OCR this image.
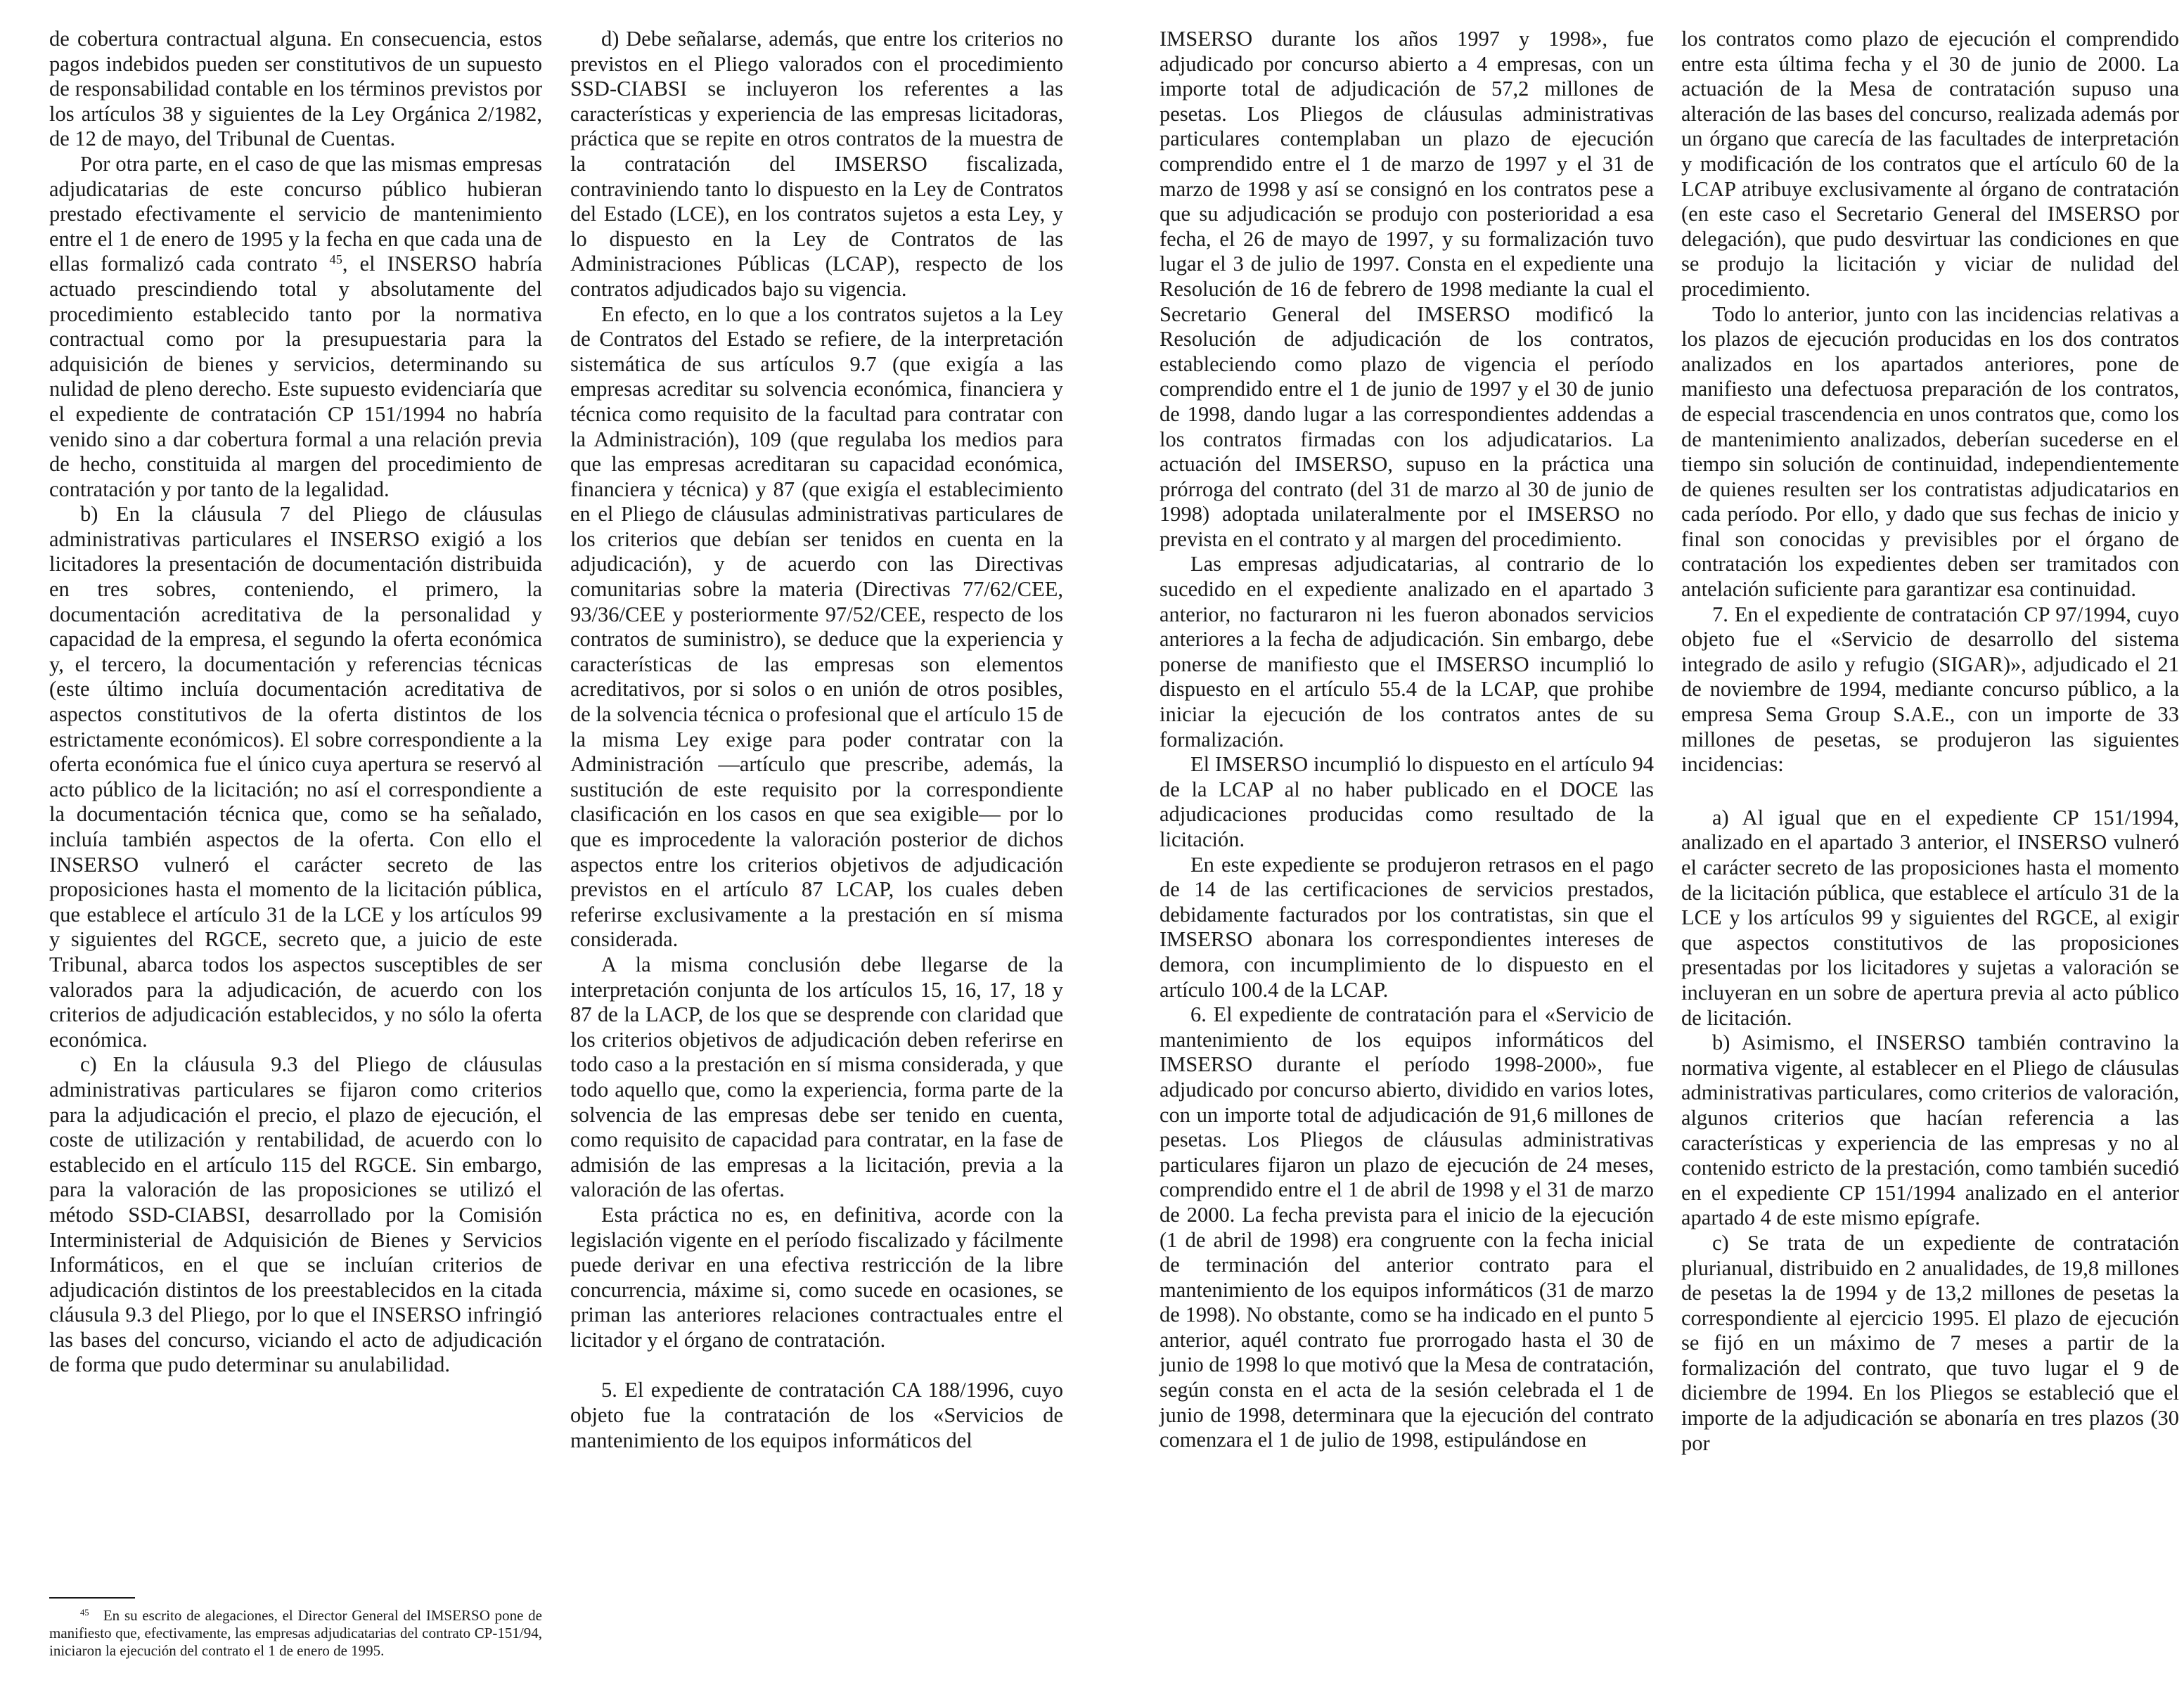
de cobertura contractual alguna. En consecuencia, estos pagos indebidos pueden ser constitutivos de un supuesto de responsabilidad contable en los términos previstos por los artículos 38 y siguientes de la Ley Orgánica 2/1982, de 12 de mayo, del Tribunal de Cuentas.

Por otra parte, en el caso de que las mismas empresas adjudicatarias de este concurso público hubieran prestado efectivamente el servicio de mantenimiento entre el 1 de enero de 1995 y la fecha en que cada una de ellas formalizó cada contrato $^{45}$, el INSERSO habría actuado prescindiendo total y absolutamente del procedimiento establecido tanto por la normativa contractual como por la presupuestaria para la adquisición de bienes y servicios, determinando su nulidad de pleno derecho. Este supuesto evidenciaría que el expediente de contratación CP 151/1994 no habría venido sino a dar cobertura formal a una relación previa de hecho, constituida al margen del procedimiento de contratación y por tanto de la legalidad.

b) En la cláusula 7 del Pliego de cláusulas administrativas particulares el INSERSO exigió a los licitadores la presentación de documentación distribuida en tres sobres, conteniendo, el primero, la documentación acreditativa de la personalidad y capacidad de la empresa, el segundo la oferta económica y, el tercero, la documentación y referencias técnicas (este último incluía documentación acreditativa de aspectos constitutivos de la oferta distintos de los estrictamente económicos). El sobre correspondiente a la oferta económica fue el único cuya apertura se reservó al acto público de la licitación; no así el correspondiente a la documentación técnica que, como se ha señalado, incluía también aspectos de la oferta. Con ello el INSERSO vulneró el carácter secreto de las proposiciones hasta el momento de la licitación pública, que establece el artículo 31 de la LCE y los artículos 99 y siguientes del RGCE, secreto que, a juicio de este Tribunal, abarca todos los aspectos susceptibles de ser valorados para la adjudicación, de acuerdo con los criterios de adjudicación establecidos, y no sólo la oferta económica.

c) En la cláusula 9.3 del Pliego de cláusulas administrativas particulares se fijaron como criterios para la adjudicación el precio, el plazo de ejecución, el coste de utilización y rentabilidad, de acuerdo con lo establecido en el artículo 115 del RGCE. Sin embargo, para la valoración de las proposiciones se utilizó el método SSD-CIABSI, desarrollado por la Comisión Interministerial de Adquisición de Bienes y Servicios Informáticos, en el que se incluían criterios de adjudicación distintos de los preestablecidos en la citada cláusula 9.3 del Pliego, por lo que el INSERSO infringió las bases del concurso, viciando el acto de adjudicación de forma que pudo determinar su anulabilidad.

$^{45}$ En su escrito de alegaciones, el Director General del IMSERSO pone de manifiesto que, efectivamente, las empresas adjudicatarias del contrato CP-151/94, iniciaron la ejecución del contrato el 1 de enero de 1995.

d) Debe señalarse, además, que entre los criterios no previstos en el Pliego valorados con el procedimiento SSD-CIABSI se incluyeron los referentes a las características y experiencia de las empresas licitadoras, práctica que se repite en otros contratos de la muestra de la contratación del IMSERSO fiscalizada, contraviniendo tanto lo dispuesto en la Ley de Contratos del Estado (LCE), en los contratos sujetos a esta Ley, y lo dispuesto en la Ley de Contratos de las Administraciones Públicas (LCAP), respecto de los contratos adjudicados bajo su vigencia.

En efecto, en lo que a los contratos sujetos a la Ley de Contratos del Estado se refiere, de la interpretación sistemática de sus artículos 9.7 (que exigía a las empresas acreditar su solvencia económica, financiera y técnica como requisito de la facultad para contratar con la Administración), 109 (que regulaba los medios para que las empresas acreditaran su capacidad económica, financiera y técnica) y 87 (que exigía el establecimiento en el Pliego de cláusulas administrativas particulares de los criterios que debían ser tenidos en cuenta en la adjudicación), y de acuerdo con las Directivas comunitarias sobre la materia (Directivas 77/62/CEE, 93/36/CEE y posteriormente 97/52/CEE, respecto de los contratos de suministro), se deduce que la experiencia y características de las empresas son elementos acreditativos, por si solos o en unión de otros posibles, de la solvencia técnica o profesional que el artículo 15 de la misma Ley exige para poder contratar con la Administración —artículo que prescribe, además, la sustitución de este requisito por la correspondiente clasificación en los casos en que sea exigible— por lo que es improcedente la valoración posterior de dichos aspectos entre los criterios objetivos de adjudicación previstos en el artículo 87 LCAP, los cuales deben referirse exclusivamente a la prestación en sí misma considerada.

A la misma conclusión debe llegarse de la interpretación conjunta de los artículos 15, 16, 17, 18 y 87 de la LACP, de los que se desprende con claridad que los criterios objetivos de adjudicación deben referirse en todo caso a la prestación en sí misma considerada, y que todo aquello que, como la experiencia, forma parte de la solvencia de las empresas debe ser tenido en cuenta, como requisito de capacidad para contratar, en la fase de admisión de las empresas a la licitación, previa a la valoración de las ofertas.

Esta práctica no es, en definitiva, acorde con la legislación vigente en el período fiscalizado y fácilmente puede derivar en una efectiva restricción de la libre concurrencia, máxime si, como sucede en ocasiones, se priman las anteriores relaciones contractuales entre el licitador y el órgano de contratación.

5. El expediente de contratación CA 188/1996, cuyo objeto fue la contratación de los «Servicios de mantenimiento de los equipos informáticos del

IMSERSO durante los años 1997 y 1998», fue adjudicado por concurso abierto a 4 empresas, con un importe total de adjudicación de 57,2 millones de pesetas. Los Pliegos de cláusulas administrativas particulares contemplaban un plazo de ejecución comprendido entre el 1 de marzo de 1997 y el 31 de marzo de 1998 y así se consignó en los contratos pese a que su adjudicación se produjo con posterioridad a esa fecha, el 26 de mayo de 1997, y su formalización tuvo lugar el 3 de julio de 1997. Consta en el expediente una Resolución de 16 de febrero de 1998 mediante la cual el Secretario General del IMSERSO modificó la Resolución de adjudicación de los contratos, estableciendo como plazo de vigencia el período comprendido entre el 1 de junio de 1997 y el 30 de junio de 1998, dando lugar a las correspondientes addendas a los contratos firmadas con los adjudicatarios. La actuación del IMSERSO, supuso en la práctica una prórroga del contrato (del 31 de marzo al 30 de junio de 1998) adoptada unilateralmente por el IMSERSO no prevista en el contrato y al margen del procedimiento.

Las empresas adjudicatarias, al contrario de lo sucedido en el expediente analizado en el apartado 3 anterior, no facturaron ni les fueron abonados servicios anteriores a la fecha de adjudicación. Sin embargo, debe ponerse de manifiesto que el IMSERSO incumplió lo dispuesto en el artículo 55.4 de la LCAP, que prohibe iniciar la ejecución de los contratos antes de su formalización.

El IMSERSO incumplió lo dispuesto en el artículo 94 de la LCAP al no haber publicado en el DOCE las adjudicaciones producidas como resultado de la licitación.

En este expediente se produjeron retrasos en el pago de 14 de las certificaciones de servicios prestados, debidamente facturados por los contratistas, sin que el IMSERSO abonara los correspondientes intereses de demora, con incumplimiento de lo dispuesto en el artículo 100.4 de la LCAP.

6. El expediente de contratación para el «Servicio de mantenimiento de los equipos informáticos del IMSERSO durante el período 1998-2000», fue adjudicado por concurso abierto, dividido en varios lotes, con un importe total de adjudicación de 91,6 millones de pesetas. Los Pliegos de cláusulas administrativas particulares fijaron un plazo de ejecución de 24 meses, comprendido entre el 1 de abril de 1998 y el 31 de marzo de 2000. La fecha prevista para el inicio de la ejecución (1 de abril de 1998) era congruente con la fecha inicial de terminación del anterior contrato para el mantenimiento de los equipos informáticos (31 de marzo de 1998). No obstante, como se ha indicado en el punto 5 anterior, aquél contrato fue prorrogado hasta el 30 de junio de 1998 lo que motivó que la Mesa de contratación, según consta en el acta de la sesión celebrada el 1 de junio de 1998, determinara que la ejecución del contrato comenzara el 1 de julio de 1998, estipulándose en

los contratos como plazo de ejecución el comprendido entre esta última fecha y el 30 de junio de 2000. La actuación de la Mesa de contratación supuso una alteración de las bases del concurso, realizada además por un órgano que carecía de las facultades de interpretación y modificación de los contratos que el artículo 60 de la LCAP atribuye exclusivamente al órgano de contratación (en este caso el Secretario General del IMSERSO por delegación), que pudo desvirtuar las condiciones en que se produjo la licitación y viciar de nulidad del procedimiento.

Todo lo anterior, junto con las incidencias relativas a los plazos de ejecución producidas en los dos contratos analizados en los apartados anteriores, pone de manifiesto una defectuosa preparación de los contratos, de especial trascendencia en unos contratos que, como los de mantenimiento analizados, deberían sucederse en el tiempo sin solución de continuidad, independientemente de quienes resulten ser los contratistas adjudicatarios en cada período. Por ello, y dado que sus fechas de inicio y final son conocidas y previsibles por el órgano de contratación los expedientes deben ser tramitados con antelación suficiente para garantizar esa continuidad.

7. En el expediente de contratación CP 97/1994, cuyo objeto fue el «Servicio de desarrollo del sistema integrado de asilo y refugio (SIGAR)», adjudicado el 21 de noviembre de 1994, mediante concurso público, a la empresa Sema Group S.A.E., con un importe de 33 millones de pesetas, se produjeron las siguientes incidencias:

a) Al igual que en el expediente CP 151/1994, analizado en el apartado 3 anterior, el INSERSO vulneró el carácter secreto de las proposiciones hasta el momento de la licitación pública, que establece el artículo 31 de la LCE y los artículos 99 y siguientes del RGCE, al exigir que aspectos constitutivos de las proposiciones presentadas por los licitadores y sujetas a valoración se incluyeran en un sobre de apertura previa al acto público de licitación.

b) Asimismo, el INSERSO también contravino la normativa vigente, al establecer en el Pliego de cláusulas administrativas particulares, como criterios de valoración, algunos criterios que hacían referencia a las características y experiencia de las empresas y no al contenido estricto de la prestación, como también sucedió en el expediente CP 151/1994 analizado en el anterior apartado 4 de este mismo epígrafe.

c) Se trata de un expediente de contratación plurianual, distribuido en 2 anualidades, de 19,8 millones de pesetas la de 1994 y de 13,2 millones de pesetas la correspondiente al ejercicio 1995. El plazo de ejecución se fijó en un máximo de 7 meses a partir de la formalización del contrato, que tuvo lugar el 9 de diciembre de 1994. En los Pliegos se estableció que el importe de la adjudicación se abonaría en tres plazos (30 por
